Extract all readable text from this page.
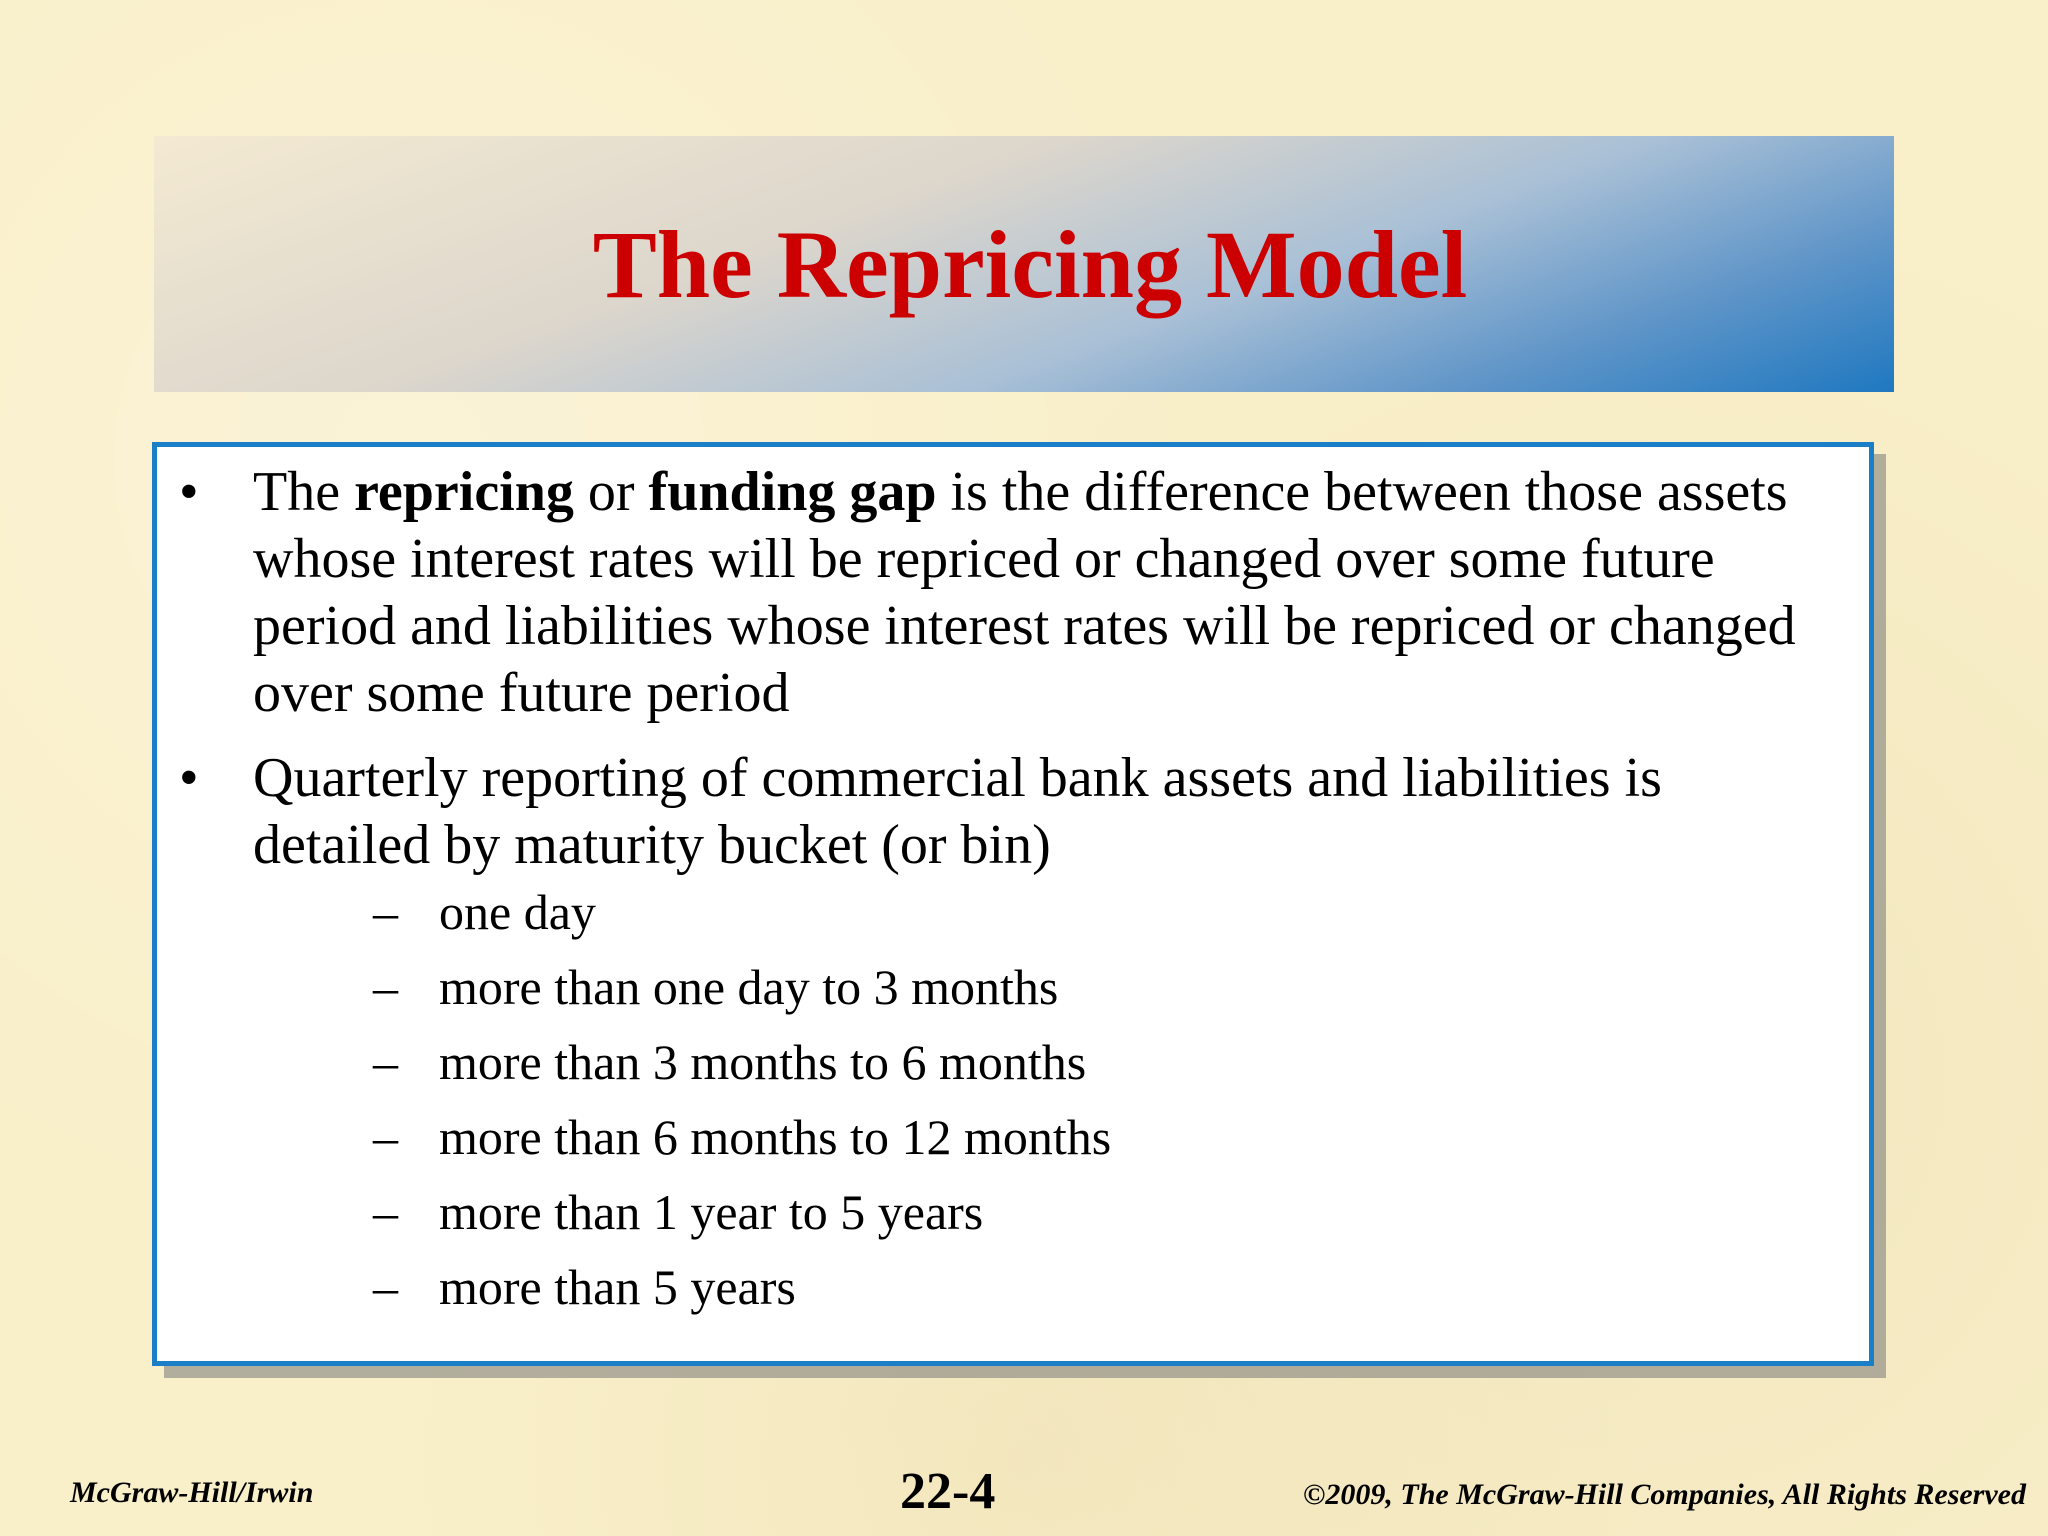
The Repricing Model
• The repricing or funding gap is the difference between those assets whose interest rates will be repriced or changed over some future period and liabilities whose interest rates will be repriced or changed over some future period
• Quarterly reporting of commercial bank assets and liabilities is detailed by maturity bucket (or bin)
– one day
– more than one day to 3 months
– more than 3 months to 6 months
– more than 6 months to 12 months
– more than 1 year to 5 years
– more than 5 years
McGraw-Hill/Irwin	22-4	©2009, The McGraw-Hill Companies, All Rights Reserved
